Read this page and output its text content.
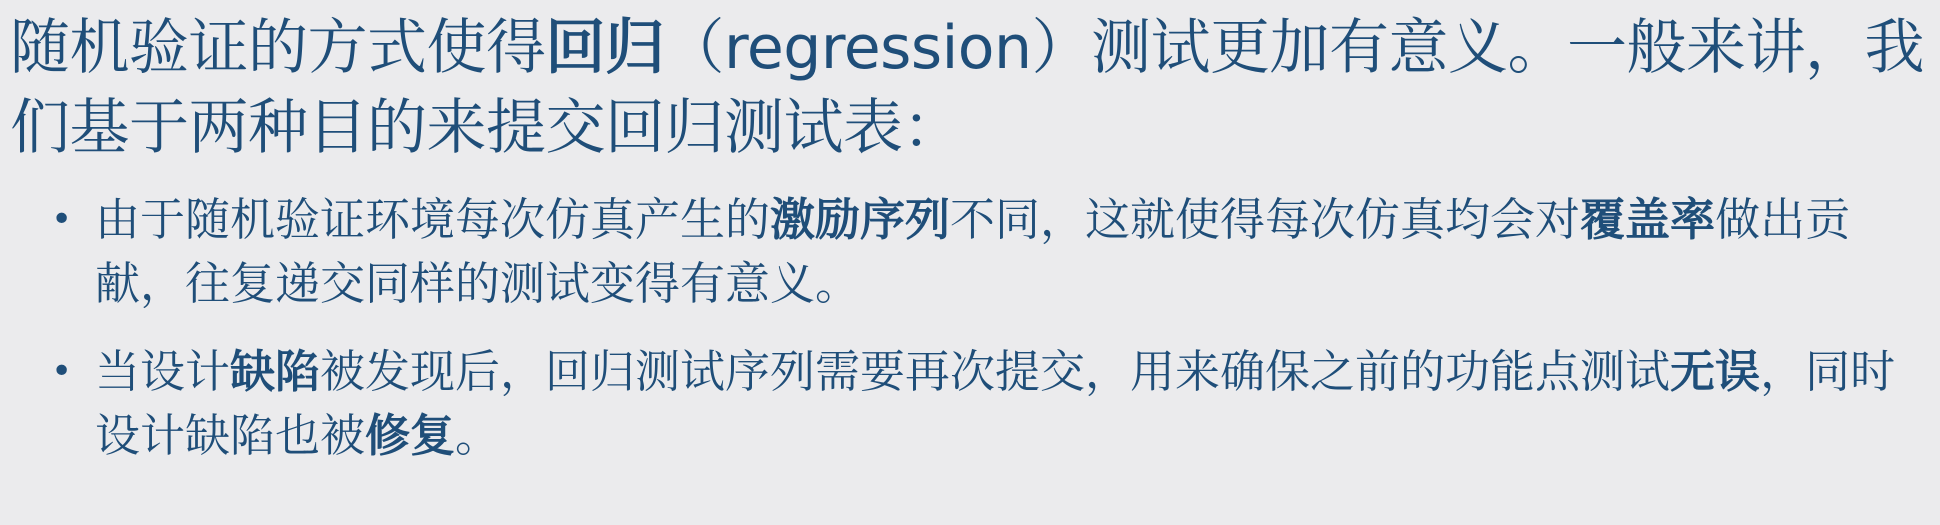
随机验证的方式使得回归（regression）测试更加有意义。一般来讲，我们基于两种目的来提交回归测试表：

• 由于随机验证环境每次仿真产生的激励序列不同，这就使得每次仿真均会对覆盖率做出贡献，往复递交同样的测试变得有意义。
• 当设计缺陷被发现后，回归测试序列需要再次提交，用来确保之前的功能点测试无误，同时设计缺陷也被修复。
